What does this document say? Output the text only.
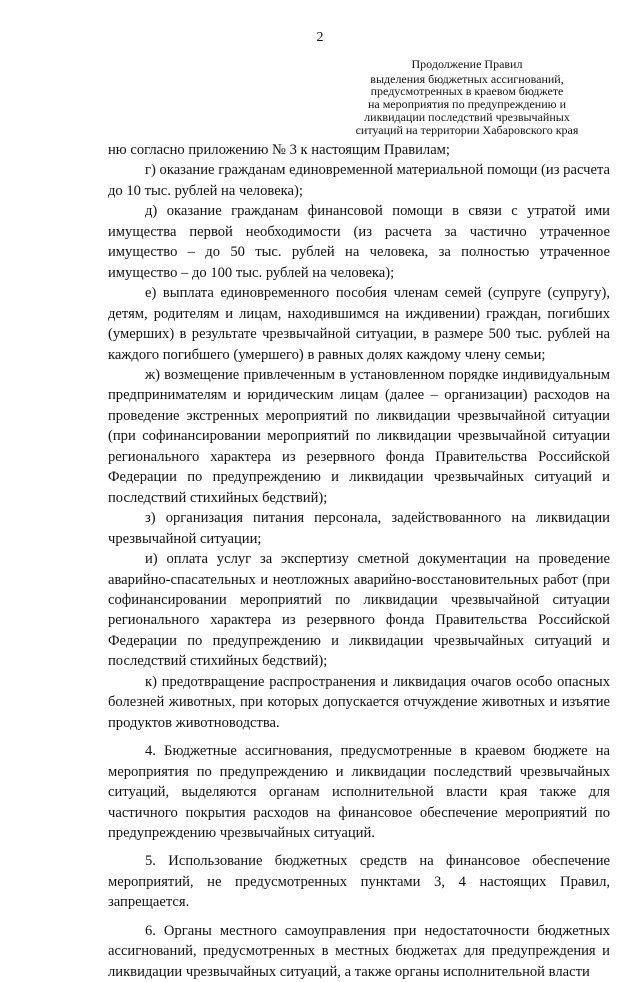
2
Продолжение Правил
выделения бюджетных ассигнований,
предусмотренных в краевом бюджете
на мероприятия по предупреждению и
ликвидации последствий чрезвычайных
ситуаций на территории Хабаровского края

ню согласно приложению № 3 к настоящим Правилам;

г) оказание гражданам единовременной материальной помощи (из расчета до 10 тыс. рублей на человека);

д) оказание гражданам финансовой помощи в связи с утратой ими имущества первой необходимости (из расчета за частично утраченное имущество – до 50 тыс. рублей на человека, за полностью утраченное имущество – до 100 тыс. рублей на человека);

е) выплата единовременного пособия членам семей (супруге (супругу), детям, родителям и лицам, находившимся на иждивении) граждан, погибших (умерших) в результате чрезвычайной ситуации, в размере 500 тыс. рублей на каждого погибшего (умершего) в равных долях каждому члену семьи;

ж) возмещение привлеченным в установленном порядке индивидуальным предпринимателям и юридическим лицам (далее – организации) расходов на проведение экстренных мероприятий по ликвидации чрезвычайной ситуации (при софинансировании мероприятий по ликвидации чрезвычайной ситуации регионального характера из резервного фонда Правительства Российской Федерации по предупреждению и ликвидации чрезвычайных ситуаций и последствий стихийных бедствий);

з) организация питания персонала, задействованного на ликвидации чрезвычайной ситуации;

и) оплата услуг за экспертизу сметной документации на проведение аварийно-спасательных и неотложных аварийно-восстановительных работ (при софинансировании мероприятий по ликвидации чрезвычайной ситуации регионального характера из резервного фонда Правительства Российской Федерации по предупреждению и ликвидации чрезвычайных ситуаций и последствий стихийных бедствий);

к) предотвращение распространения и ликвидация очагов особо опасных болезней животных, при которых допускается отчуждение животных и изъятие продуктов животноводства.

4. Бюджетные ассигнования, предусмотренные в краевом бюджете на мероприятия по предупреждению и ликвидации последствий чрезвычайных ситуаций, выделяются органам исполнительной власти края также для частичного покрытия расходов на финансовое обеспечение мероприятий по предупреждению чрезвычайных ситуаций.

5. Использование бюджетных средств на финансовое обеспечение мероприятий, не предусмотренных пунктами 3, 4 настоящих Правил, запрещается.

6. Органы местного самоуправления при недостаточности бюджетных ассигнований, предусмотренных в местных бюджетах для предупреждения и ликвидации чрезвычайных ситуаций, а также органы исполнительной власти
